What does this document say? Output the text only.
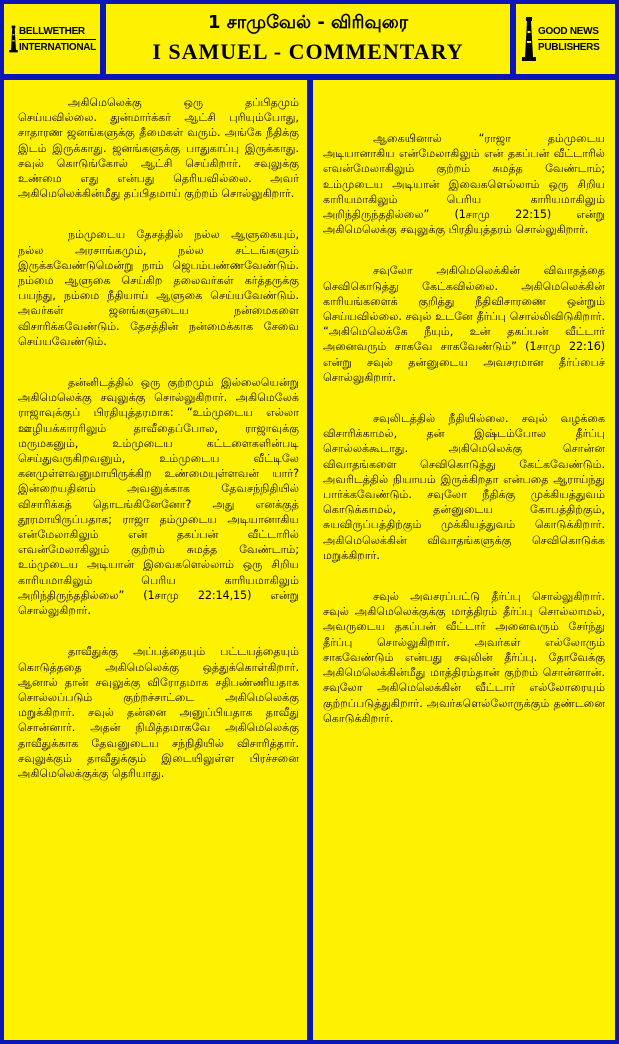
BELLWETHER
INTERNATIONAL
1 சாமுவேல் - விரிவுரை
I SAMUEL - COMMENTARY
GOOD NEWS
PUBLISHERS

அகிமெலெக்கு ஒரு தப்பிதமும் செய்யவில்லை. துன்மார்க்கர் ஆட்சி புரியும்போது, சாதாரண ஜனங்களுக்கு தீமைகள் வரும். அங்கே நீதிக்கு இடம் இருக்காது. ஜனங்களுக்கு பாதுகாப்பு இருக்காது. சவுல் கொடுங்கோல் ஆட்சி செய்கிறார். சவுலுக்கு உண்மை எது என்பது தெரியவில்லை. அவர் அகிமெலெக்கின்மீது தப்பிதமாய் குற்றம் சொல்லுகிறார்.

நம்முடைய தேசத்தில் நல்ல ஆளுகையும், நல்ல அரசாங்கமும், நல்ல சட்டங்களும் இருக்கவேண்டுமென்று நாம் ஜெபம்பண்ணவேண்டும். நம்மை ஆளுகை செய்கிற தலைவர்கள் கர்த்தருக்கு பயந்து, நம்மை நீதியாய் ஆளுகை செய்யவேண்டும். அவர்கள் ஜனங்களுடைய நன்மைகளை விசாரிக்கவேண்டும். தேசத்தின் நன்மைக்காக சேவை செய்யவேண்டும்.

தன்னிடத்தில் ஒரு குற்றமும் இல்லையென்று அகிமெலெக்கு சவுலுக்கு சொல்லுகிறார். அகிமெலேக் ராஜாவுக்குப் பிரதியுத்தரமாக: “உம்முடைய எல்லா ஊழியக்காரரிலும் தாவீதைப்போல, ராஜாவுக்கு மருமகனும், உம்முடைய கட்டளைகளின்படி செய்துவருகிறவனும், உம்முடைய வீட்டிலே கனமுள்ளவனுமாயிருக்கிற உண்மையுள்ளவன் யார்? இன்றையதினம் அவனுக்காக தேவசந்நிதியில் விசாரிக்கத் தொடங்கினேனோ? அது எனக்குத் தூரமாயிருப்பதாக; ராஜா தம்முடைய அடியானாகிய என்மேலாகிலும் என் தகப்பன் வீட்டாரில் எவன்மேலாகிலும் குற்றம் சுமத்த வேண்டாம்; உம்முடைய அடியான் இவைகளெல்லாம் ஒரு சிறிய காரியமாகிலும் பெரிய காரியமாகிலும் அறிந்திருந்ததில்லை” (1சாமு 22:14,15) என்று சொல்லுகிறார்.

தாவீதுக்கு அப்பத்தையும் பட்டயத்தையும் கொடுத்ததை அகிமெலெக்கு ஒத்துக்கொள்கிறார். ஆனால் தான் சவுலுக்கு விரோதமாக சதிபண்ணியதாக சொல்லப்படும் குற்றச்சாட்டை அகிமெலெக்கு மறுக்கிறார். சவுல் தன்னை அனுப்பியதாக தாவீது சொன்னார். அதன் நிமித்தமாகவே அகிமெலெக்கு தாவீதுக்காக தேவனுடைய சந்நிதியில் விசாரித்தார். சவுலுக்கும் தாவீதுக்கும் இடையிலுள்ள பிரச்சனை அகிமெலெக்குக்கு தெரியாது.

ஆகையினால் “ராஜா தம்முடைய அடியானாகிய என்மேலாகிலும் என் தகப்பன் வீட்டாரில் எவன்மேலாகிலும் குற்றம் சுமத்த வேண்டாம்; உம்முடைய அடியான் இவைகளெல்லாம் ஒரு சிறிய காரியமாகிலும் பெரிய காரியமாகிலும் அறிந்திருந்ததில்லை” (1சாமு 22:15) என்று அகிமெலெக்கு சவுலுக்கு பிரதியுத்தரம் சொல்லுகிறார்.

சவுலோ அகிமெலெக்கின் விவாதத்தை செவிகொடுத்து கேட்கவில்லை. அகிமெலெக்கின் காரியங்களைக் குறித்து நீதிவிசாரணை ஒன்றும் செய்யவில்லை. சவுல் உடனே தீர்ப்பு சொல்லிவிடுகிறார். “அகிமெலெக்கே நீயும், உன் தகப்பன் வீட்டார் அனைவரும் சாகவே சாகவேண்டும்” (1சாமு 22:16) என்று சவுல் தன்னுடைய அவசரமான தீர்ப்பைச் சொல்லுகிறார்.

சவுலிடத்தில் நீதியில்லை. சவுல் வழக்கை விசாரிக்காமல், தன் இஷ்டம்போல தீர்ப்பு சொல்லக்கூடாது. அகிமெலெக்கு சொன்ன விவாதங்களை செவிகொடுத்து கேட்கவேண்டும். அவரிடத்தில் நியாயம் இருக்கிறதா என்பதை ஆராய்ந்து பார்க்கவேண்டும். சவுலோ நீதிக்கு முக்கியத்துவம் கொடுக்காமல், தன்னுடைய கோபத்திற்கும், சுயவிருப்பத்திற்கும் முக்கியத்துவம் கொடுக்கிறார். அகிமெலெக்கின் விவாதங்களுக்கு செவிகொடுக்க மறுக்கிறார்.

சவுல் அவசரப்பட்டு தீர்ப்பு சொல்லுகிறார். சவுல் அகிமெலெக்குக்கு மாத்திரம் தீர்ப்பு சொல்லாமல், அவருடைய தகப்பன் வீட்டார் அனைவரும் சேர்ந்து தீர்ப்பு சொல்லுகிறார். அவர்கள் எல்லோரும் சாகவேண்டும் என்பது சவுலின் தீர்ப்பு. தோவேக்கு அகிமெலெக்கின்மீது மாத்திரம்தான் குற்றம் சொன்னான். சவுலோ அகிமெலெக்கின் வீட்டார் எல்லோரையும் குற்றப்படுத்துகிறார். அவர்களெல்லோருக்கும் தண்டனை கொடுக்கிறார்.
